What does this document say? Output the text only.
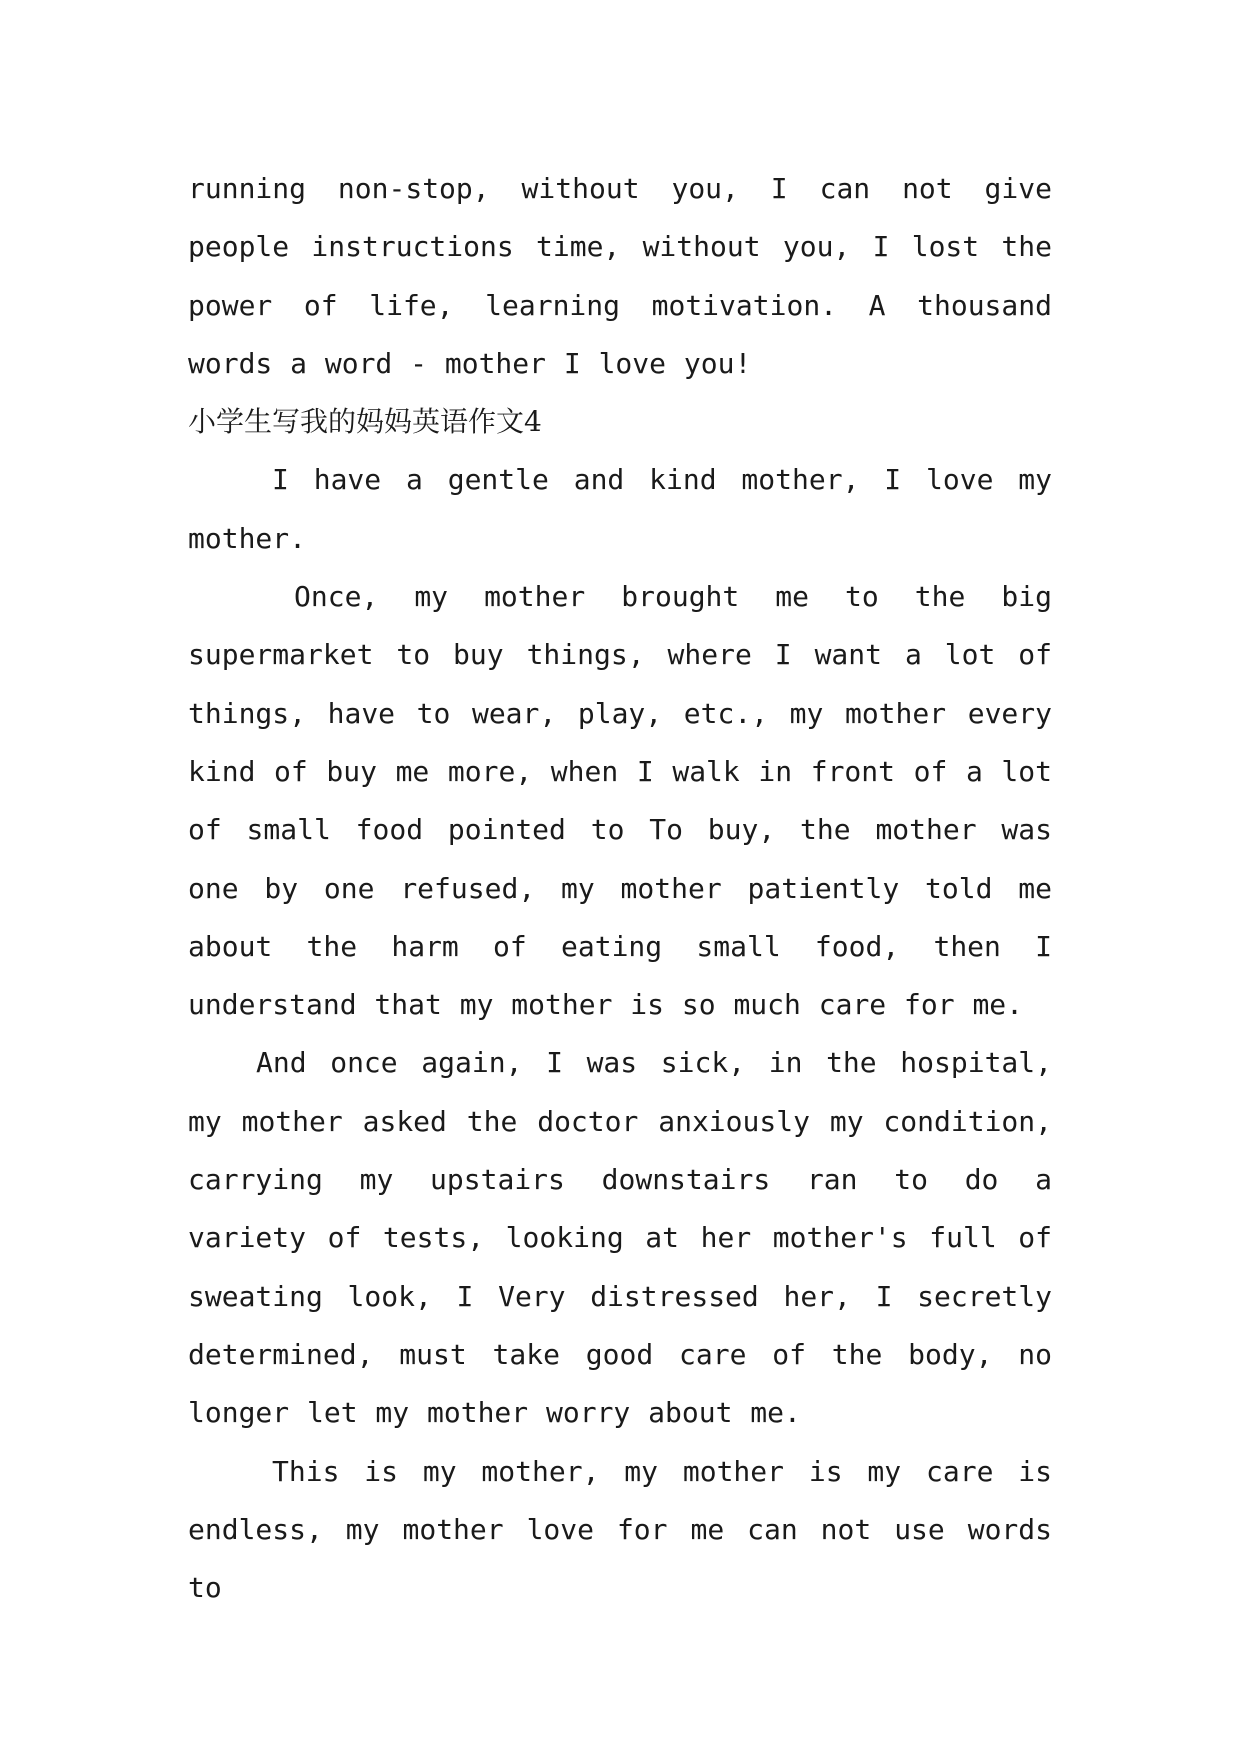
running non-stop, without you, I can not give people instructions time, without you, I lost the power of life, learning motivation. A thousand words a word - mother I love you!

小学生写我的妈妈英语作文4

I have a gentle and kind mother, I love my mother.

Once, my mother brought me to the big supermarket to buy things, where I want a lot of things, have to wear, play, etc., my mother every kind of buy me more, when I walk in front of a lot of small food pointed to To buy, the mother was one by one refused, my mother patiently told me about the harm of eating small food, then I understand that my mother is so much care for me.

And once again, I was sick, in the hospital, my mother asked the doctor anxiously my condition, carrying my upstairs downstairs ran to do a variety of tests, looking at her mother's full of sweating look, I Very distressed her, I secretly determined, must take good care of the body, no longer let my mother worry about me.

This is my mother, my mother is my care is endless, my mother love for me can not use words to
